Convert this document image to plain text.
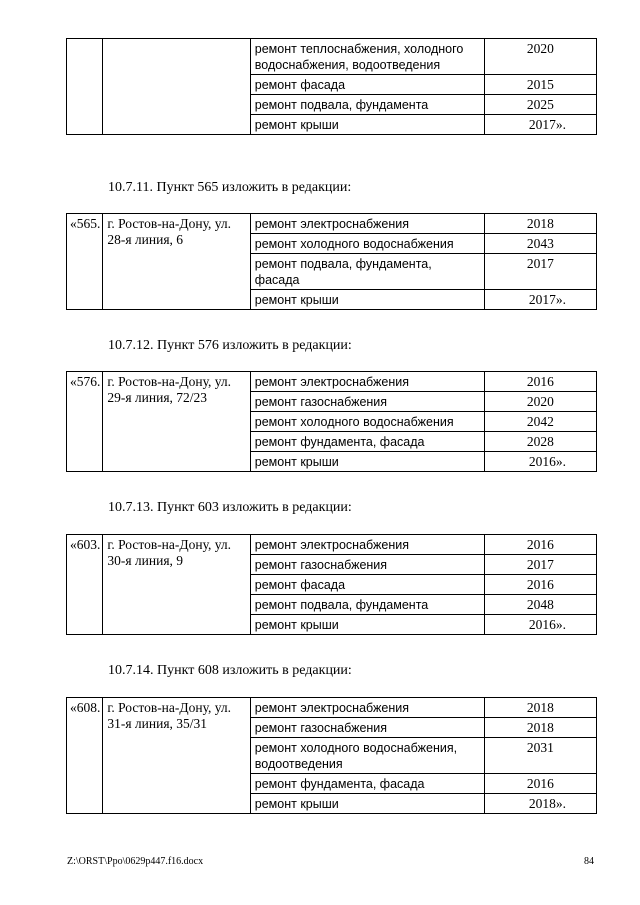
		ремонт теплоснабжения, холодного водоснабжения, водоотведения	2020
		ремонт фасада	2015
		ремонт подвала, фундамента	2025
		ремонт крыши	2017».
10.7.11. Пункт 565 изложить в редакции:
«565.	г. Ростов-на-Дону, ул. 28-я линия, 6	ремонт электроснабжения	2018
		ремонт холодного водоснабжения	2043
		ремонт подвала, фундамента, фасада	2017
		ремонт крыши	2017».
10.7.12. Пункт 576 изложить в редакции:
«576.	г. Ростов-на-Дону, ул. 29-я линия, 72/23	ремонт электроснабжения	2016
		ремонт газоснабжения	2020
		ремонт холодного водоснабжения	2042
		ремонт фундамента, фасада	2028
		ремонт крыши	2016».
10.7.13. Пункт 603 изложить в редакции:
«603.	г. Ростов-на-Дону, ул. 30-я линия, 9	ремонт электроснабжения	2016
		ремонт газоснабжения	2017
		ремонт фасада	2016
		ремонт подвала, фундамента	2048
		ремонт крыши	2016».
10.7.14. Пункт 608 изложить в редакции:
«608.	г. Ростов-на-Дону, ул. 31-я линия, 35/31	ремонт электроснабжения	2018
		ремонт газоснабжения	2018
		ремонт холодного водоснабжения, водоотведения	2031
		ремонт фундамента, фасада	2016
		ремонт крыши	2018».
Z:\ORST\Ppo\0629p447.f16.docx	84
